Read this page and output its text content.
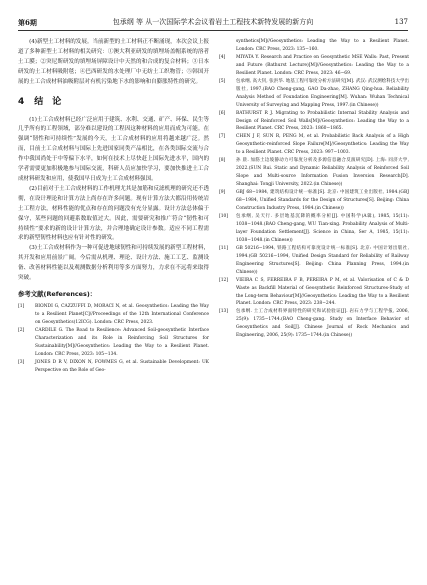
第6期	包承纲 等 从一次国际学术会议看岩土工程技术新特发展的新方向	137

(4)新型土工材料的发展。当前新型的土工材料正不断涌现，本次会议上报道了多种新型土工材料的相关研究：①澳大利亚研发的填埋场盖帽系统的溶者土工膜；②突尼斯研发的填埋场屏障设计中天然的和合成的复合材料；③日本研发的土工材料吸附毯；④巴西研发的水处理厂中无纺土工织物管；⑤韩国开展的土工合成材料油吸附层对有机污染地下水的影响和自膨胀特性的研究。

4 结　论

(1)土工合成材料已经广泛应用于建筑、水利、交通、矿产、环保、民生等几乎所有的工程领域，部分难以建设的工程因这种材料的应用而成为可能。在强调“韧性和可持续性”发展的今天，土工合成材料的应用将越来越广泛。然而，目前土工合成材料与国际上先进国家同类产品相比，在各类国际交流与合作中我国尚处于中等偏下水平，如何在技术上尽快赶上国际先进水平，国内的学者需要更加积极地参与国际交流，科研人员应加快学习，要加快推进土工合成材料研发和应用，使我国早日成为土工合成材料强国。

(2)目前对于土工合成材料的工作机理尤其是加筋和反滤机理的研究还不透彻，在设计理论和计算方法上尚存在许多问题。现有计算方法大都沿用传统岩土工程方法，材料性能的优点和存在的问题没有充分显露。设计方法总体偏于保守，某些问题的回避系数取值过大。因此，需要研究和推广符合“韧性和可持续性”要求的新的设计计算方法，并合理地确定设计参数。适应不同工程需求的新型韧性材料也应有针对性的研发。

(3)土工合成材料作为一种可促进地球韧性和可持续发展的新型工程材料，其开发和应用前景广阔。今后需从机理、理论、设计方法、施工工艺、监测设备、改善材料性能以及观测数据分析利用等多方面努力，力求在不远将来取得突破。

参考文献(References)：
[1]	BIONDI G, CAZZUFFI D, MORACI N, et al. Geosynthetics: Leading the Way to a Resilient Planet[C]//Proceedings of the 12th International Conference on Geosynthetics(12ICG). London: CRC Press, 2023.
[2]	CARDILE G. The Road to Resilience: Advanced Soil-geosynthetic Interface Characterization and its Role in Reinforcing Soil Structures for Sustainability[M]//Geosynthetics: Leading the Way to a Resilient Planet. London: CRC Press, 2023: 105−134.
[3]	JONES D R V, DIXON N, FOWMES G, et al. Sustainable Development: UK Perspective on the Role of Geo-
synthetics[M]//Geosynthetics: Leading the Way to a Resilient Planet. London: CRC Press, 2023: 135−160.
[4]	MIYATA Y. Research and Practice on Geosynthetic MSE Walls: Past, Present and Future (Bathurst Lecture)[M]//Geosynthetics: Leading the Way to a Resilient Planet. London: CRC Press, 2023: 46−69.
[5]	包承纲, 高大钊, 张洪华. 地基工程可靠度分析方法研究[M]. 武汉: 武汉测绘科技大学出版社, 1997.(BAO Cheng-gang, GAO Da-zhao, ZHANG Qing-hua. Reliability Analysis Method of Foundation Engineering[M]. Wuhan: Wuhan Technical University of Surveying and Mapping Press, 1997.(in Chinese))
[6]	BATHURST R J. Migrating to Probabilistic Internal Stability Analysis and Design of Reinforced Soil Walls[M]//Geosynthetics: Leading the Way to a Resilient Planet. CRC Press, 2023: 1860−1865.
[7]	CHEN J F, SUN R, PENG M, et al. Probabilistic Back Analysis of a High Geosynthetic-reinforced Slope Failure[M]//Geosynthetics: Leading the Way to a Resilient Planet. CRC Press, 2023: 997−1003.
[8]	孙 晨. 加筋土边坡静动力可靠度分析及多源信息融合反演研究[D]. 上海: 同济大学, 2022.(SUN Rui. Static and Dynamic Reliability Analysis of Reinforced Soil Slope and Multi-source Information Fusion Inversion Research[D]. Shanghai: Tongji University, 2022.(in Chinese))
[9]	GBJ 68−1984, 建筑结构设计统一标准[S]. 北京: 中国建筑工业出版社, 1984.(GBJ 68−1984, Unified Standards for the Design of Structures[S]. Beijing: China Construction Industry Press, 1984.(in Chinese))
[10]	包承纲, 吴天行. 多层地基沉降的概率分析[J]. 中国科学(A辑), 1985, 15(11): 1038−1048.(BAO Cheng-gang, WU Tian-xing. Probability Analysis of Multi-layer Foundation Settlement[J]. Science in China, Ser A, 1985, 15(11): 1038−1048.(in Chinese))
[11]	GB 50216−1994, 铁路工程结构可靠度设计统一标准[S]. 北京: 中国计划出版社, 1994.(GB 50216−1994, Unified Design Standard for Reliability of Railway Engineering Structures[S]. Beijing: China Planning Press, 1994.(in Chinese))
[12]	VIEIRA C S, FERREIRA F B, PEREIRA P M, et al. Valorisation of C & D Waste as Backfill Material of Geosynthetic Reinforced Structures-Study of the Long-term Behaviour[M]//Geosynthetics: Leading the Way to a Resilient Planet. London: CRC Press, 2023: 238−244.
[13]	包承纲. 土工合成材料界面特性的研究和试验验证[J]. 岩石力学与工程学报, 2006, 25(9): 1735−1744.(BAO Cheng-gang. Study on Interface Behavior of Geosynthetics and Soil[J]. Chinese Journal of Rock Mechanics and Engineering, 2006, 25(9): 1735−1744.(in Chinese))
